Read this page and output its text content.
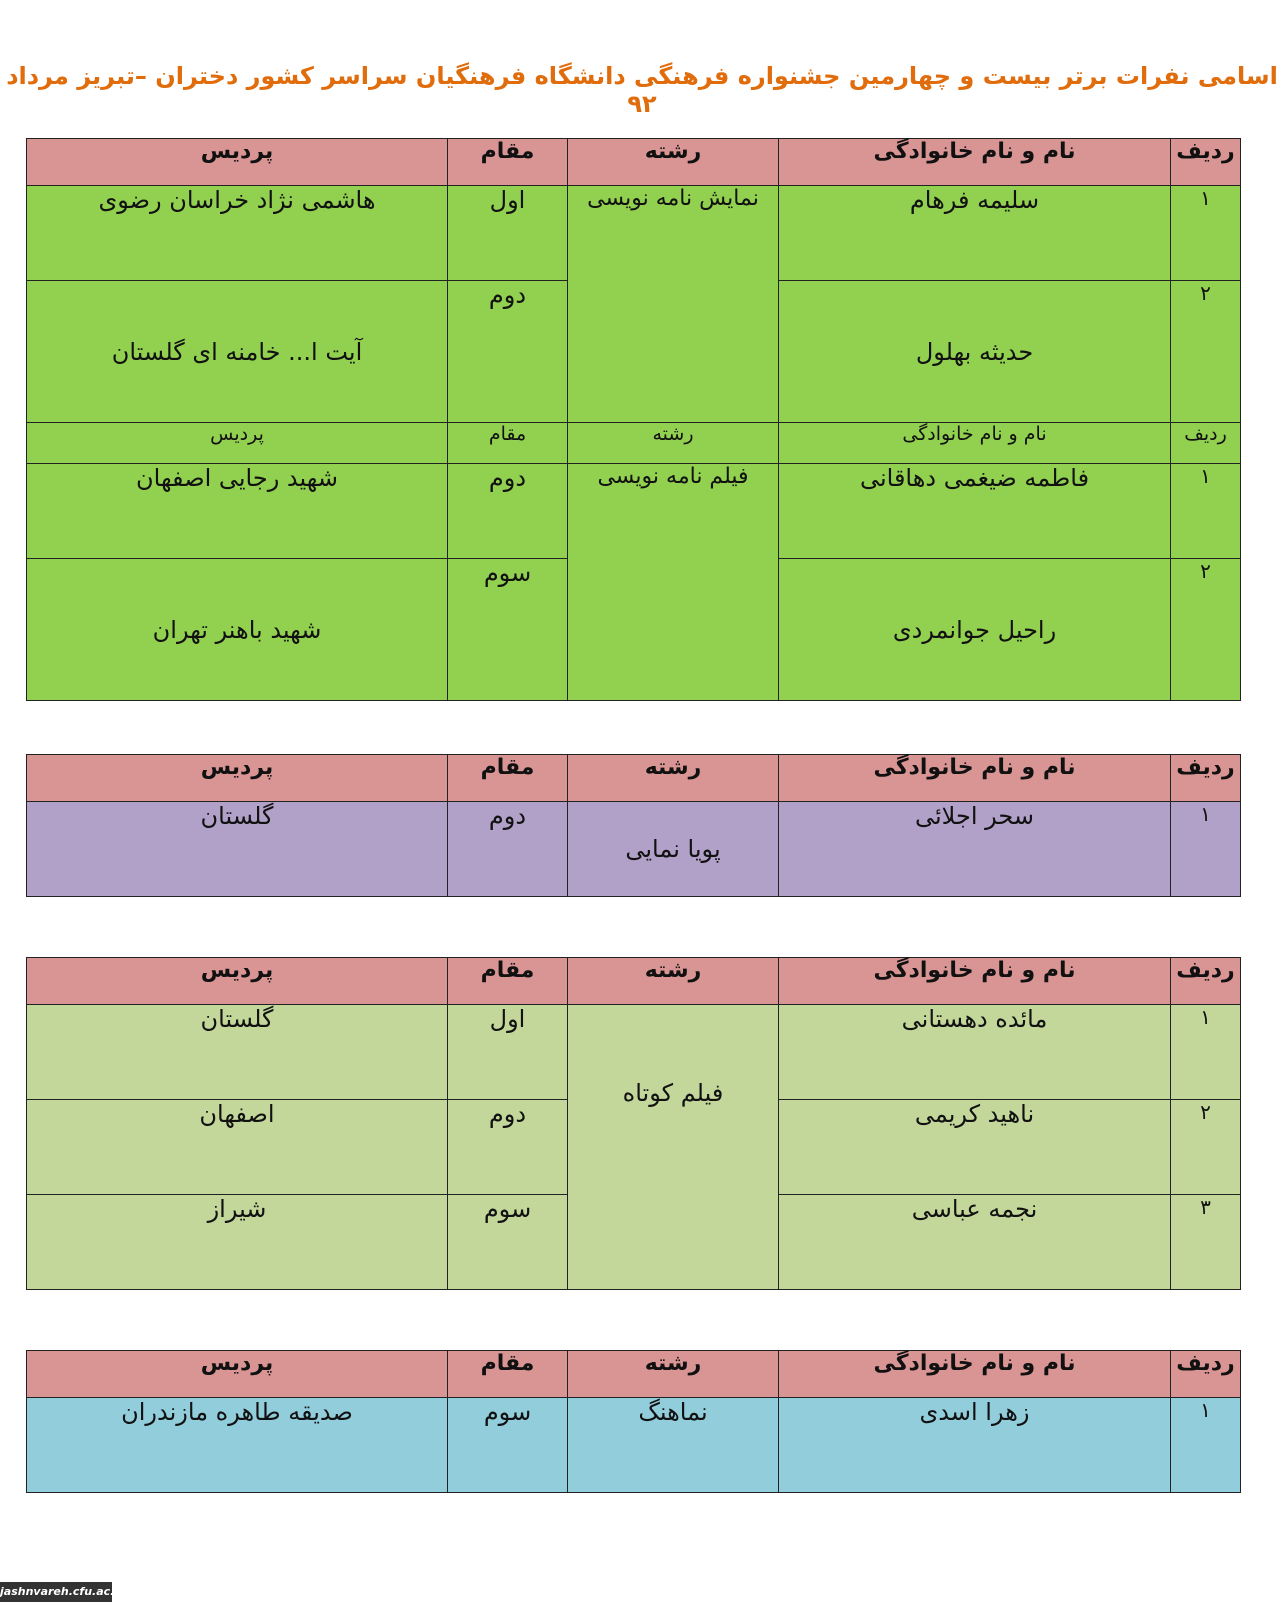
اسامی نفرات برتر بیست و چهارمین جشنواره فرهنگی دانشگاه فرهنگیان سراسر کشور دختران –تبریز مرداد ۹۲
ردیف	نام و نام خانوادگی	رشته	مقام	پردیس
۱	سلیمه فرهام	نمایش نامه نویسی	اول	هاشمی نژاد خراسان رضوی
۲	حدیثه بهلول		دوم	آیت ا... خامنه ای گلستان
ردیف	نام و نام خانوادگی	رشته	مقام	پردیس
۱	فاطمه ضیغمی دهاقانی	فیلم نامه نویسی	دوم	شهید رجایی اصفهان
۲	راحیل جوانمردی		سوم	شهید باهنر تهران
ردیف	نام و نام خانوادگی	رشته	مقام	پردیس
۱	سحر اجلائی	پویا نمایی	دوم	گلستان
ردیف	نام و نام خانوادگی	رشته	مقام	پردیس
۱	مائده دهستانی	فیلم کوتاه	اول	گلستان
۲	ناهید کریمی		دوم	اصفهان
۳	نجمه عباسی		سوم	شیراز
ردیف	نام و نام خانوادگی	رشته	مقام	پردیس
۱	زهرا اسدی	نماهنگ	سوم	صدیقه طاهره مازندران
jashnvareh.cfu.ac.ir
